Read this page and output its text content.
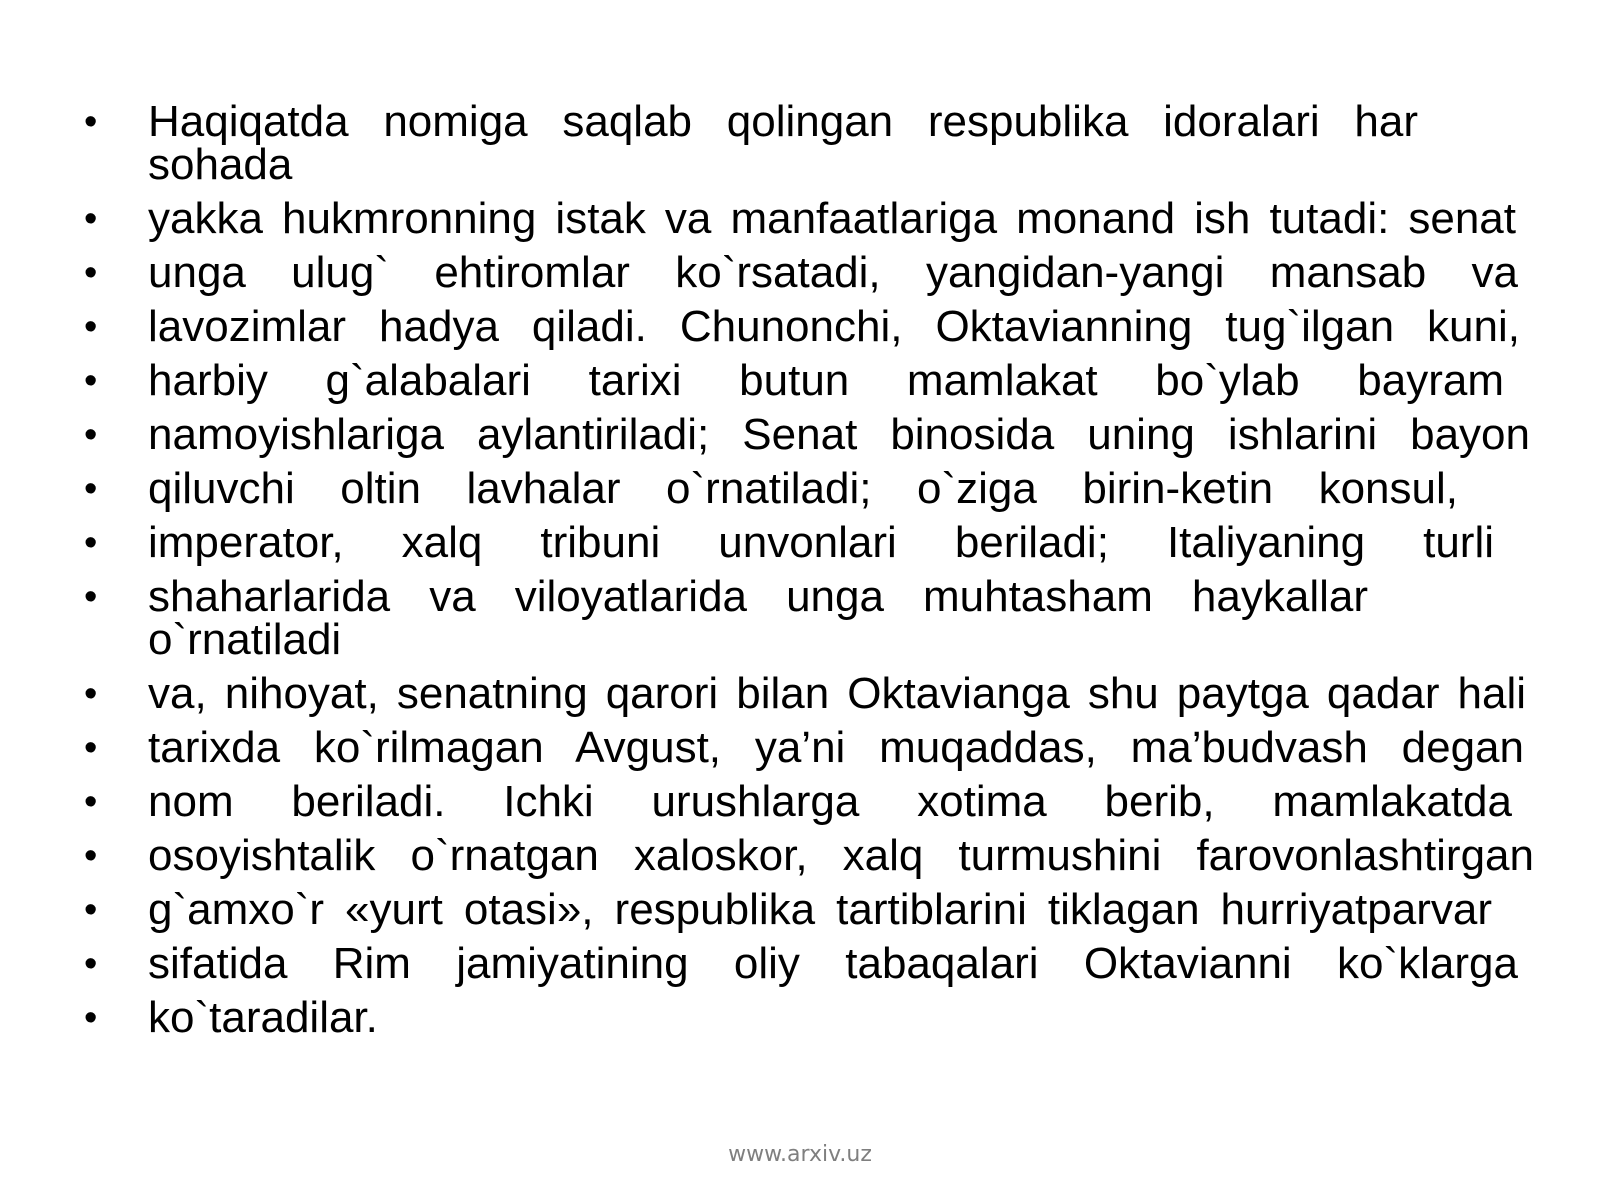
• Haqiqatda nomiga saqlab qolingan respublika idoralari har sohada
• yakka hukmronning istak va manfaatlariga monand ish tutadi: senat
• unga ulug` ehtiromlar ko`rsatadi, yangidan-yangi mansab va
• lavozimlar hadya qiladi. Chunonchi, Oktavianning tug`ilgan kuni,
• harbiy g`alabalari tarixi butun mamlakat bo`ylab bayram
• namoyishlariga aylantiriladi; Senat binosida uning ishlarini bayon
• qiluvchi oltin lavhalar o`rnatiladi; o`ziga birin-ketin konsul,
• imperator, xalq tribuni unvonlari beriladi; Italiyaning turli
• shaharlarida va viloyatlarida unga muhtasham haykallar o`rnatiladi
• va, nihoyat, senatning qarori bilan Oktavianga shu paytga qadar hali
• tarixda ko`rilmagan Avgust, ya’ni muqaddas, ma’budvash degan
• nom beriladi. Ichki urushlarga xotima berib, mamlakatda
• osoyishtalik o`rnatgan xaloskor, xalq turmushini farovonlashtirgan
• g`amxo`r «yurt otasi», respublika tartiblarini tiklagan hurriyatparvar
• sifatida Rim jamiyatining oliy tabaqalari Oktavianni ko`klarga
• ko`taradilar.
www.arxiv.uz
